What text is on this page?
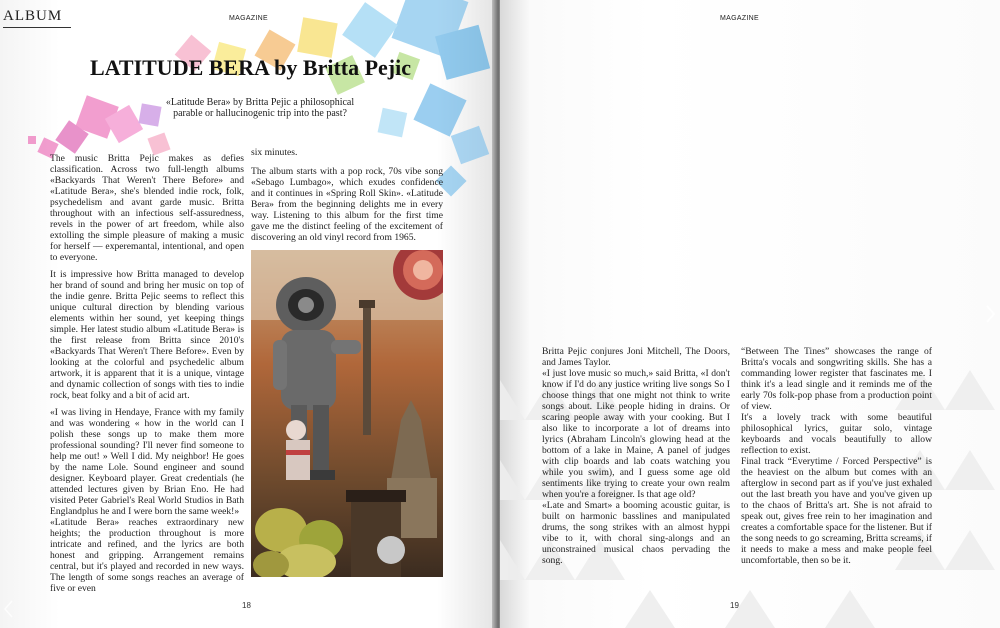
ALBUM	MAGAZINE
LATITUDE BERA by Britta Pejic
«Latitude Bera» by Britta Pejic a philosophical parable or hallucinogenic trip into the past?

The music Britta Pejic makes as defies classification. Across two full-length albums «Backyards That Weren't There Before» and «Latitude Bera», she's blended indie rock, folk, psychedelism and avant garde music. Britta throughout with an infectious self-assuredness, revels in the power of art freedom, while also extolling the simple pleasure of making a music for herself — experemantal, intentional, and open to everyone.

It is impressive how Britta managed to develop her brand of sound and bring her music on top of the indie genre. Britta Pejic seems to reflect this unique cultural direction by blending various elements within her sound, yet keeping things simple. Her latest studio album «Latitude Bera» is the first release from Britta since 2010's «Backyards That Weren't There Before». Even by looking at the colorful and psychedelic album artwork, it is apparent that it is a unique, vintage and dynamic collection of songs with ties to indie rock, beat folky and a bit of acid art.

«I was living in Hendaye, France with my family and was wondering « how in the world can I polish these songs up to make them more professional sounding? I'll never find someone to help me out! » Well I did. My neighbor! He goes by the name Lole. Sound engineer and sound designer. Keyboard player. Great credentials (he attended lectures given by Brian Eno. He had visited Peter Gabriel's Real World Studios in Bath Englandplus he and I were born the same week!»

«Latitude Bera» reaches extraordinary new heights; the production throughout is more intricate and refined, and the lyrics are both honest and gripping. Arrangement remains central, but it's played and recorded in new ways. The length of some songs reaches an average of five or even

six minutes.

The album starts with a pop rock, 70s vibe song «Sebago Lumbago», which exudes confidence and it continues in «Spring Roll Skin». «Latitude Bera» from the beginning delights me in every way. Listening to this album for the first time gave me the distinct feeling of the excitement of discovering an old vinyl record from 1965.

18
MAGAZINE

Britta Pejic conjures Joni Mitchell, The Doors, and James Taylor.

«I just love music so much,» said Britta, «I don't know if I'd do any justice writing live songs So I choose things that one might not think to write songs about. Like people hiding in drains. Or scaring people away with your cooking. But I also like to incorporate a lot of dreams into lyrics (Abraham Lincoln's glowing head at the bottom of a lake in Maine, A panel of judges with clip boards and lab coats watching you while you swim), and I guess some age old sentiments like trying to create your own realm when you're a foreigner. Is that age old?

«Late and Smart» a booming acoustic guitar, is built on harmonic basslines and manipulated drums, the song strikes with an almost hyppi vibe to it, with choral sing-alongs and an unconstrained musical chaos pervading the song.

“Between The Tines” showcases the range of Britta's vocals and songwriting skills. She has a commanding lower register that fascinates me. I think it's a lead single and it reminds me of the early 70s folk-pop phase from a production point of view.

It's a lovely track with some beautiful philosophical lyrics, guitar solo, vintage keyboards and vocals beautifully to allow reflection to exist.

Final track “Everytime / Forced Perspective” is the heaviest on the album but comes with an afterglow in second part as if you've just exhaled out the last breath you have and you've given up to the chaos of Britta's art. She is not afraid to speak out, gives free rein to her imagination and creates a comfortable space for the listener. But if the song needs to go screaming, Britta screams, if it needs to make a mess and make people feel uncomfortable, then so be it.

19
